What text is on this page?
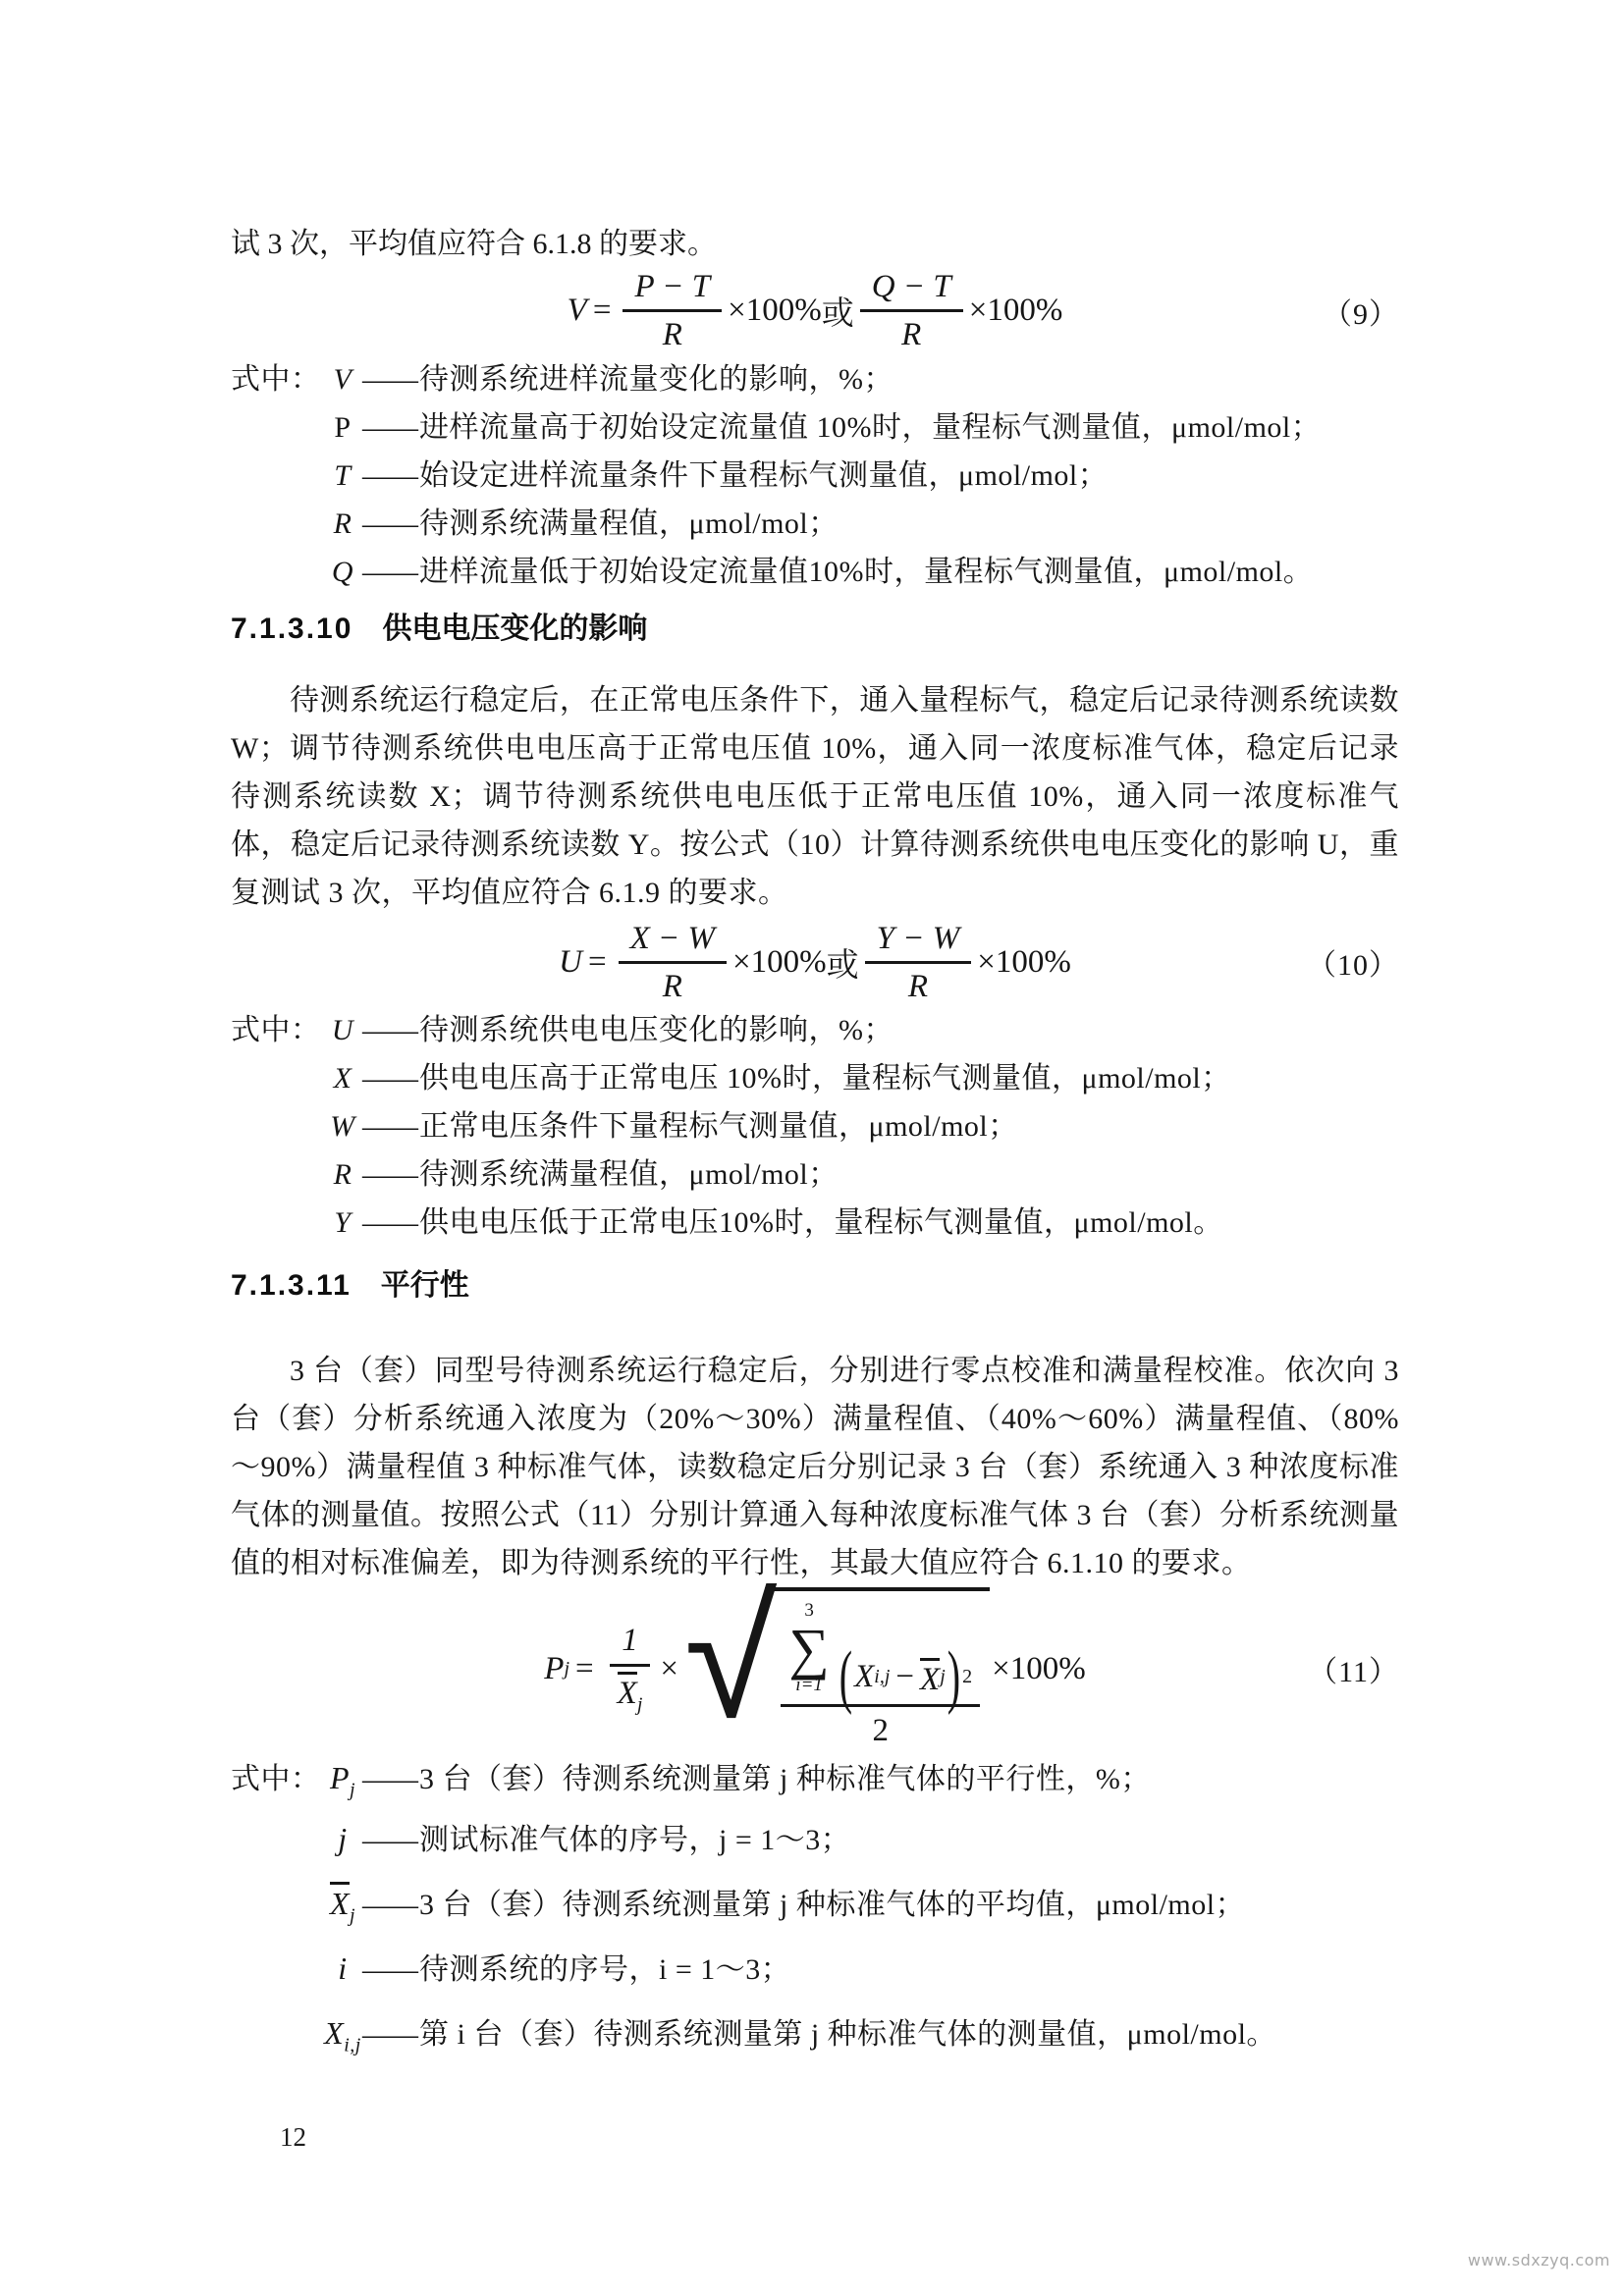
试 3 次，平均值应符合 6.1.8 的要求。

$V = \frac{P - T}{R} \times 100\%$ 或 $\frac{Q - T}{R} \times 100\%$	（9）
式中： V —— 待测系统进样流量变化的影响，%；
P —— 进样流量高于初始设定流量值 10%时，量程标气测量值，μmol/mol；
T —— 始设定进样流量条件下量程标气测量值，μmol/mol；
R —— 待测系统满量程值，μmol/mol；
Q —— 进样流量低于初始设定流量值10%时，量程标气测量值，μmol/mol。
7.1.3.10 供电电压变化的影响

待测系统运行稳定后，在正常电压条件下，通入量程标气，稳定后记录待测系统读数 W；调节待测系统供电电压高于正常电压值 10%，通入同一浓度标准气体，稳定后记录待测系统读数 X；调节待测系统供电电压低于正常电压值 10%，通入同一浓度标准气体，稳定后记录待测系统读数 Y。按公式（10）计算待测系统供电电压变化的影响 U，重复测试 3 次，平均值应符合 6.1.9 的要求。

$U = \frac{X - W}{R} \times 100\%$ 或 $\frac{Y - W}{R} \times 100\%$	（10）
式中： U —— 待测系统供电电压变化的影响，%；
X —— 供电电压高于正常电压 10%时，量程标气测量值，μmol/mol；
W —— 正常电压条件下量程标气测量值，μmol/mol；
R —— 待测系统满量程值，μmol/mol；
Y —— 供电电压低于正常电压10%时，量程标气测量值，μmol/mol。
7.1.3.11 平行性

3 台（套）同型号待测系统运行稳定后，分别进行零点校准和满量程校准。依次向 3 台（套）分析系统通入浓度为（20%～30%）满量程值、（40%～60%）满量程值、（80%～90%）满量程值 3 种标准气体，读数稳定后分别记录 3 台（套）系统通入 3 种浓度标准气体的测量值。按照公式（11）分别计算通入每种浓度标准气体 3 台（套）分析系统测量值的相对标准偏差，即为待测系统的平行性，其最大值应符合 6.1.10 的要求。

P $j = \frac{1}{X_j}$ × √ 3
∑
i=1 ( X i,j − X j ) 2
2
×100%	（11）
式中： $P_j$ —— 3 台（套）待测系统测量第 j 种标准气体的平行性，%；
j —— 测试标准气体的序号，j = 1～3；
$X_j$ —— 3 台（套）待测系统测量第 j 种标准气体的平均值，μmol/mol；
i —— 待测系统的序号，i = 1～3；
$X_{i,j}$ —— 第 i 台（套）待测系统测量第 j 种标准气体的测量值，μmol/mol。
12
www.sdxzyq.com
